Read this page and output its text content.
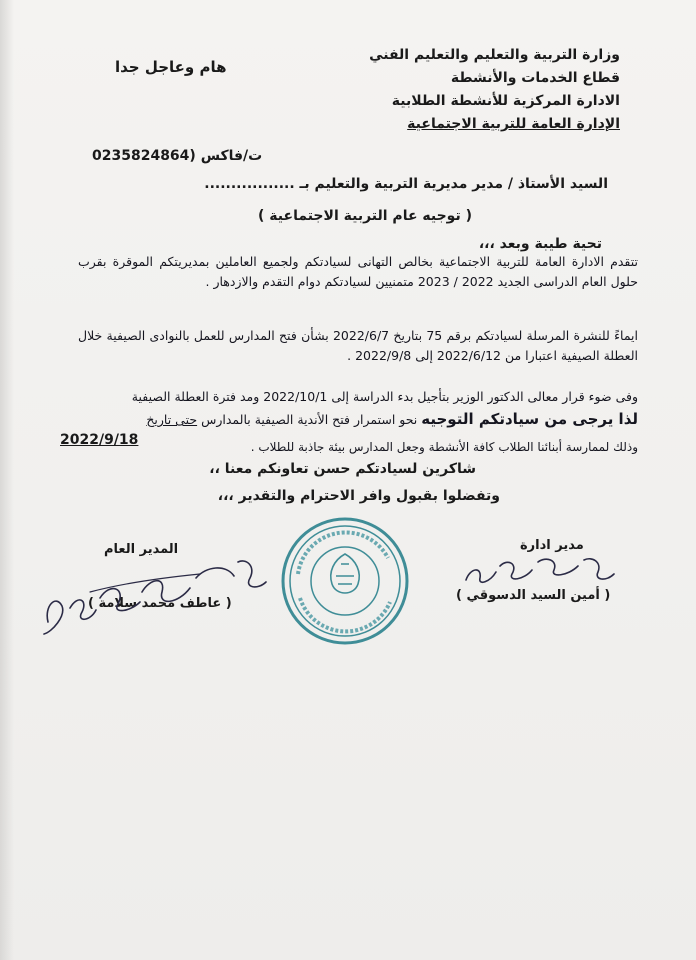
وزارة التربية والتعليم والتعليم الفني
قطاع الخدمات والأنشطة
الادارة المركزية للأنشطة الطلابية
الإدارة العامة للتربية الاجتماعية
هام وعاجل جدا
ت/فاكس (0235824864
السيد الأستاذ / مدير مديرية التربية والتعليم بـ .................
( توجيه عام التربية الاجتماعية )
تحية طيبة وبعد ،،،
تتقدم الادارة العامة للتربية الاجتماعية بخالص التهانى لسيادتكم ولجميع العاملين بمديريتكم الموقرة بقرب حلول العام الدراسى الجديد 2022 / 2023 متمنيين لسيادتكم دوام التقدم والازدهار .
ايماءً للنشرة المرسلة لسيادتكم برقم 75 بتاريخ 2022/6/7 بشأن فتح المدارس للعمل بالنوادى الصيفية خلال العطلة الصيفية اعتبارا من 2022/6/12 إلى 2022/9/8 .
وفى ضوء قرار معالى الدكتور الوزير بتأجيل بدء الدراسة إلى 2022/10/1 ومد فترة العطلة الصيفية
لذا يرجى من سيادتكم التوجيه نحو استمرار فتح الأندية الصيفية بالمدارس حتى تاريخ
2022/9/18	وذلك لممارسة أبنائنا الطلاب كافة الأنشطة وجعل المدارس بيئة جاذبة للطلاب .
شاكرين لسيادتكم حسن تعاونكم معنا ،،
وتفضلوا بقبول وافر الاحترام والتقدير ،،،
المدير العام
( عاطف محمد سلامة )
مدير ادارة
( أمين السيد الدسوقي )
